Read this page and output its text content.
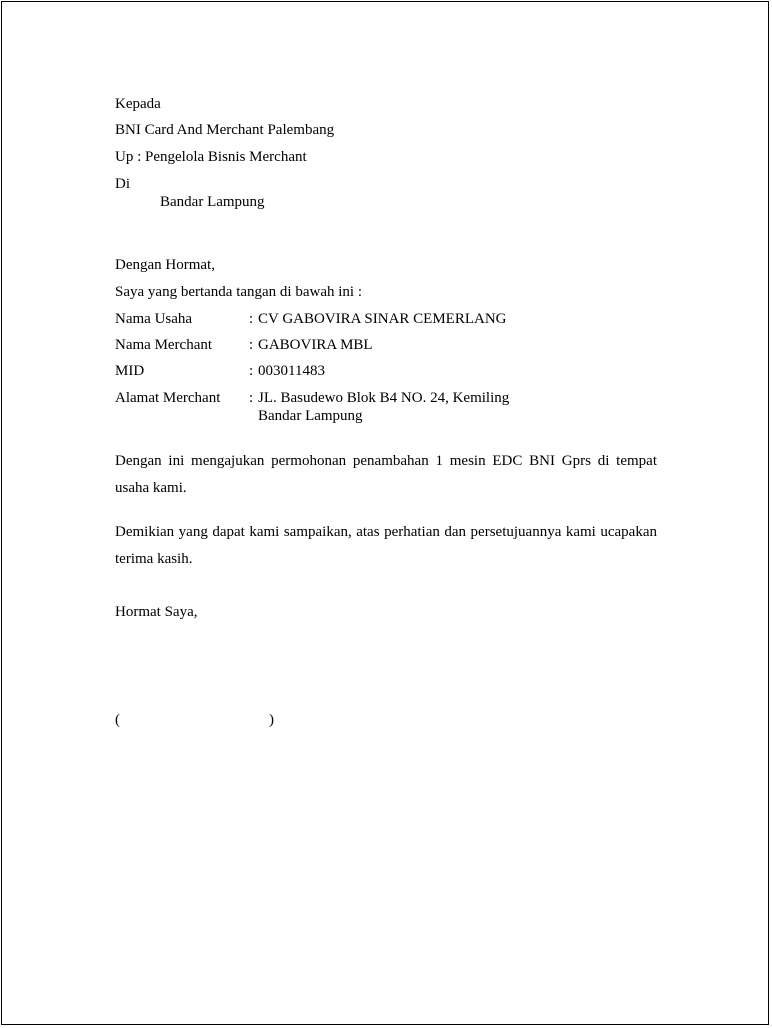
Kepada
BNI Card And Merchant Palembang
Up : Pengelola Bisnis Merchant
Di
Bandar Lampung
Dengan Hormat,
Saya yang bertanda tangan di bawah ini :
Nama Usaha	: CV GABOVIRA SINAR CEMERLANG
Nama Merchant : GABOVIRA MBL
MID	: 003011483
Alamat Merchant : JL. Basudewo Blok B4 NO. 24, Kemiling
Bandar Lampung
Dengan ini mengajukan permohonan penambahan 1 mesin EDC BNI Gprs di tempat usaha kami.
Demikian yang dapat kami sampaikan, atas perhatian dan persetujuannya kami ucapakan terima kasih.
Hormat Saya,
(	)
